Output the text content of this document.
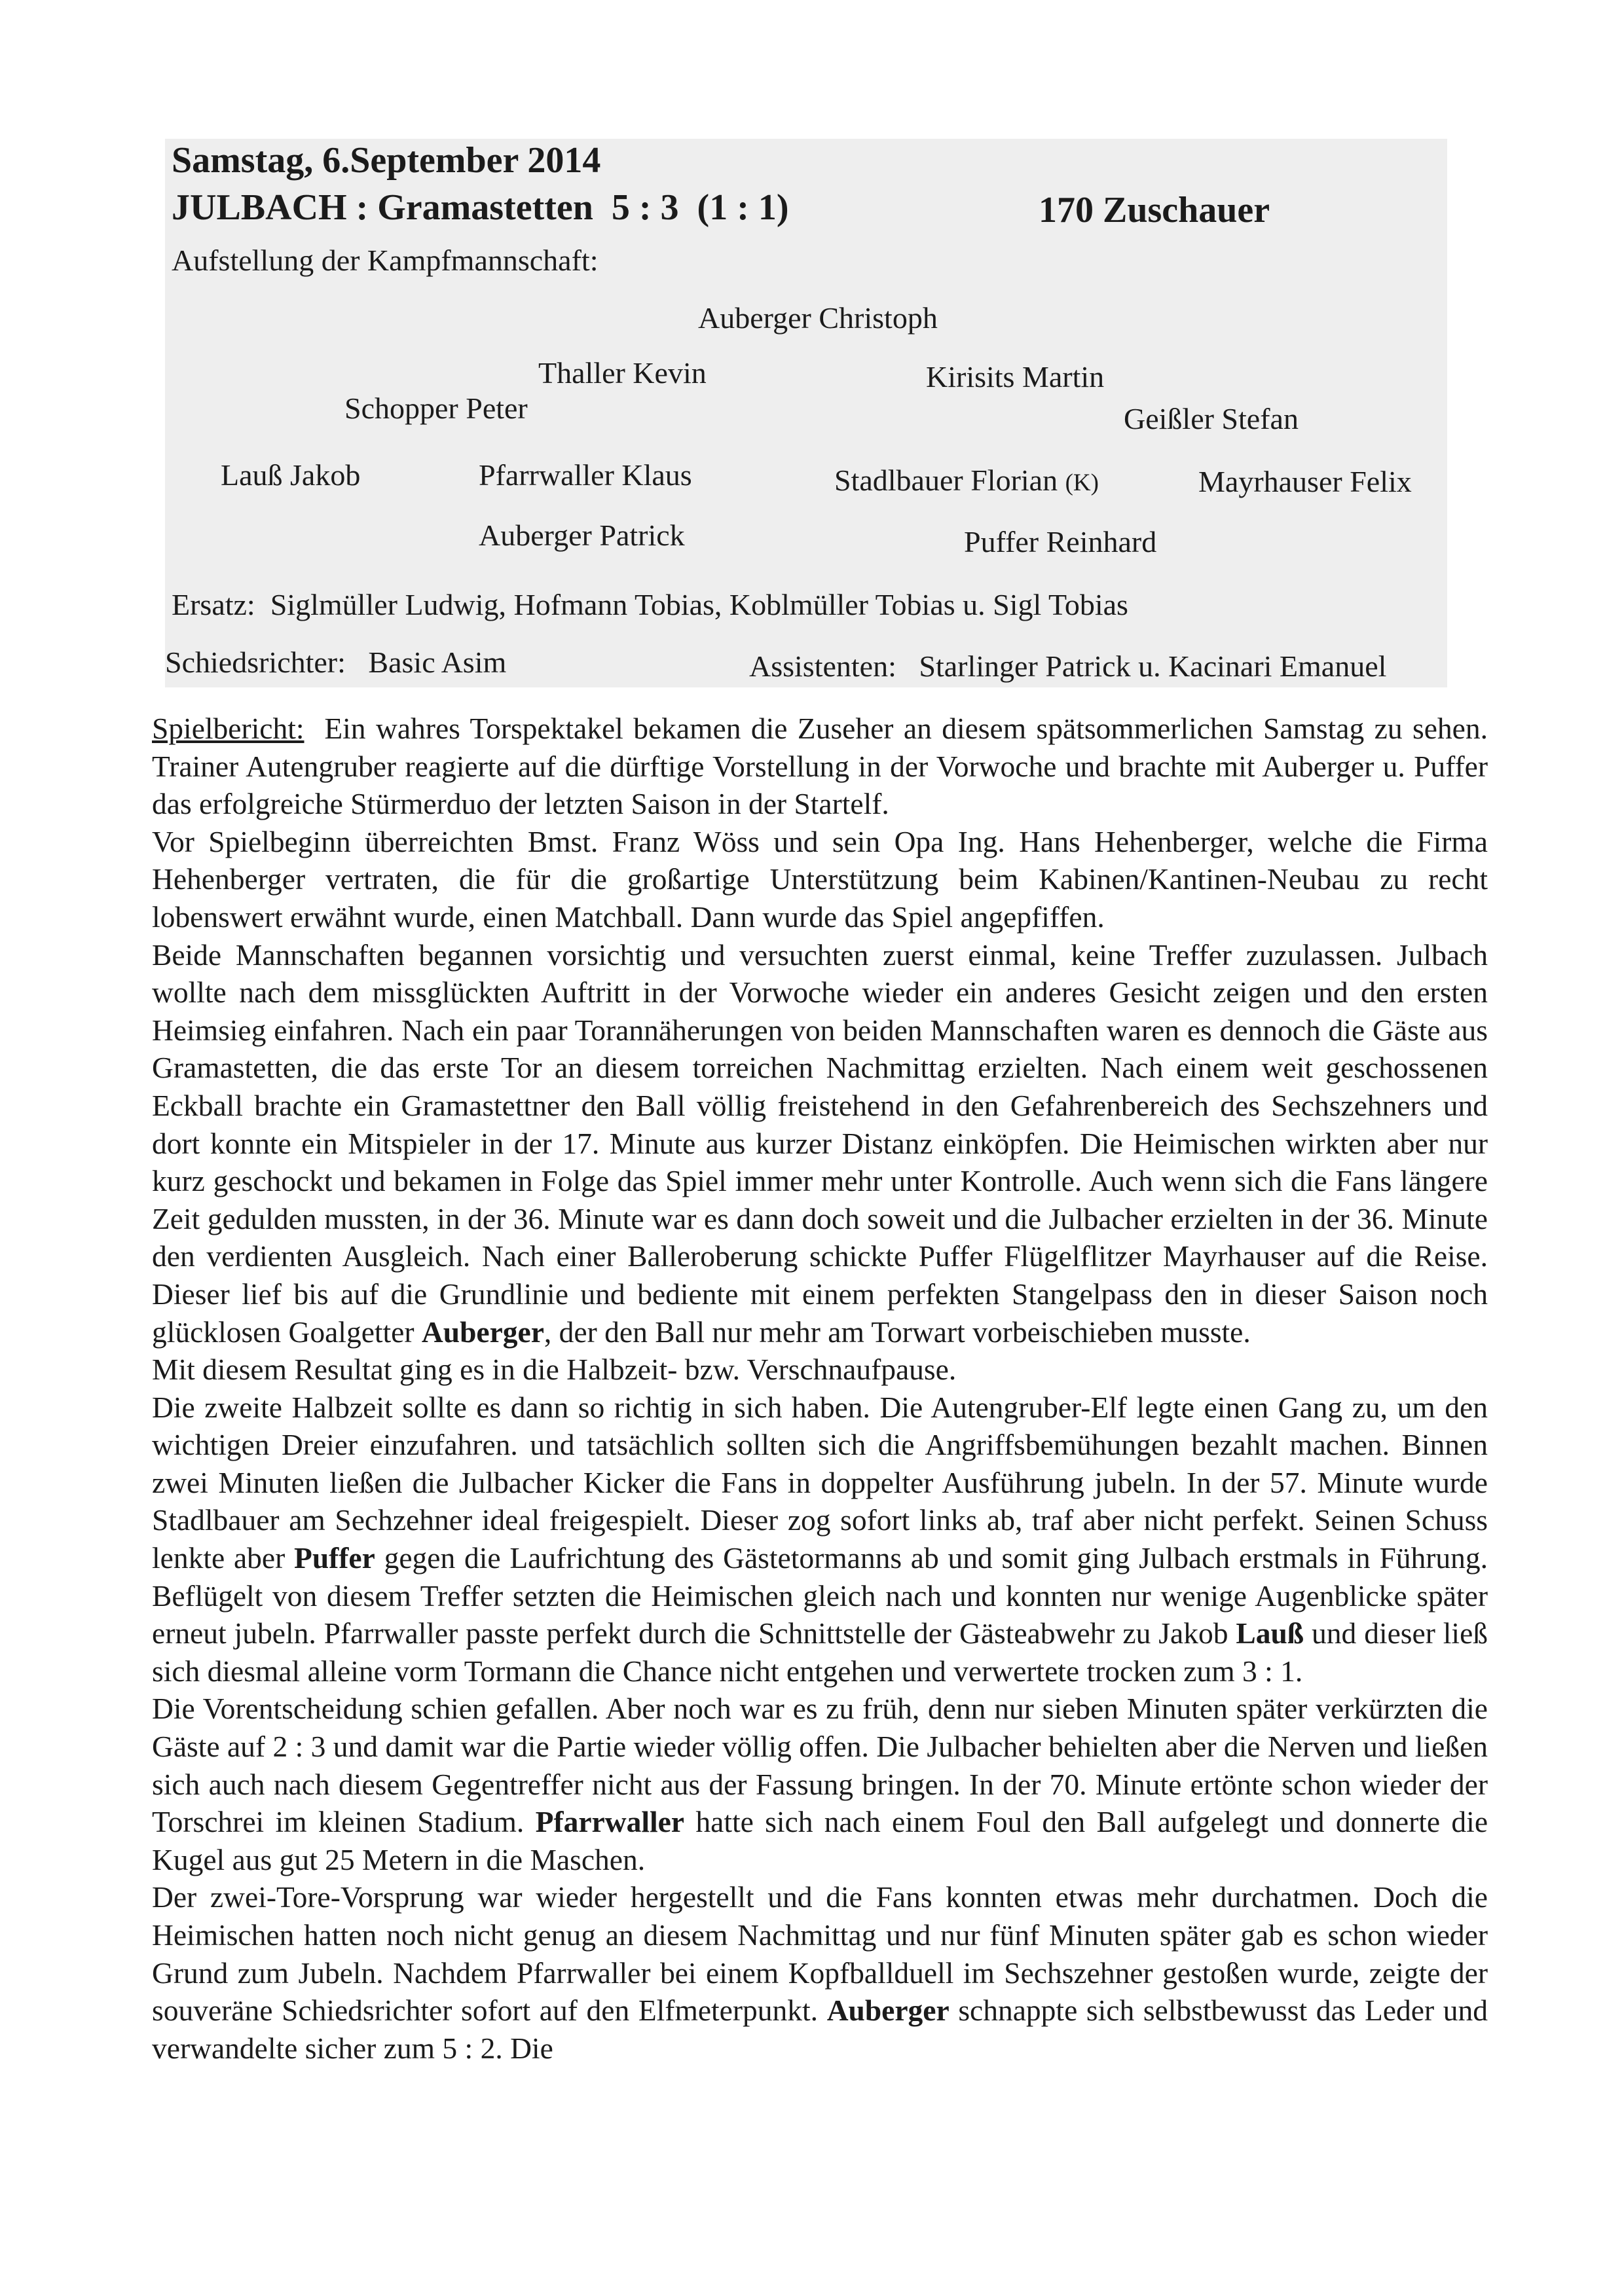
Samstag, 6.September 2014
JULBACH : Gramastetten  5 : 3  (1 : 1)	170 Zuschauer
Aufstellung der Kampfmannschaft:
Auberger Christoph
Thaller Kevin	Kirisits Martin
Schopper Peter	Geißler Stefan
Lauß Jakob	Pfarrwaller Klaus	Stadlbauer Florian (K)	Mayrhauser Felix
Auberger Patrick	Puffer Reinhard
Ersatz: Siglmüller Ludwig, Hofmann Tobias, Koblmüller Tobias u. Sigl Tobias
Schiedsrichter: Basic Asim	Assistenten: Starlinger Patrick u. Kacinari Emanuel

Spielbericht: Ein wahres Torspektakel bekamen die Zuseher an diesem spätsommerlichen Samstag zu sehen. Trainer Autengruber reagierte auf die dürftige Vorstellung in der Vorwoche und brachte mit Auberger u. Puffer das erfolgreiche Stürmerduo der letzten Saison in der Startelf.

Vor Spielbeginn überreichten Bmst. Franz Wöss und sein Opa Ing. Hans Hehenberger, welche die Firma Hehenberger vertraten, die für die großartige Unterstützung beim Kabinen/Kantinen-Neubau zu recht lobenswert erwähnt wurde, einen Matchball. Dann wurde das Spiel angepfiffen.

Beide Mannschaften begannen vorsichtig und versuchten zuerst einmal, keine Treffer zuzulassen. Julbach wollte nach dem missglückten Auftritt in der Vorwoche wieder ein anderes Gesicht zeigen und den ersten Heimsieg einfahren. Nach ein paar Torannäherungen von beiden Mannschaften waren es dennoch die Gäste aus Gramastetten, die das erste Tor an diesem torreichen Nachmittag erzielten. Nach einem weit geschossenen Eckball brachte ein Gramastettner den Ball völlig freistehend in den Gefahrenbereich des Sechszehners und dort konnte ein Mitspieler in der 17. Minute aus kurzer Distanz einköpfen. Die Heimischen wirkten aber nur kurz geschockt und bekamen in Folge das Spiel immer mehr unter Kontrolle. Auch wenn sich die Fans längere Zeit gedulden mussten, in der 36. Minute war es dann doch soweit und die Julbacher erzielten in der 36. Minute den verdienten Ausgleich. Nach einer Balleroberung schickte Puffer Flügelflitzer Mayrhauser auf die Reise. Dieser lief bis auf die Grundlinie und bediente mit einem perfekten Stangelpass den in dieser Saison noch glücklosen Goalgetter Auberger, der den Ball nur mehr am Torwart vorbeischieben musste.

Mit diesem Resultat ging es in die Halbzeit- bzw. Verschnaufpause.

Die zweite Halbzeit sollte es dann so richtig in sich haben. Die Autengruber-Elf legte einen Gang zu, um den wichtigen Dreier einzufahren. und tatsächlich sollten sich die Angriffsbemühungen bezahlt machen. Binnen zwei Minuten ließen die Julbacher Kicker die Fans in doppelter Ausführung jubeln. In der 57. Minute wurde Stadlbauer am Sechzehner ideal freigespielt. Dieser zog sofort links ab, traf aber nicht perfekt. Seinen Schuss lenkte aber Puffer gegen die Laufrichtung des Gästetormanns ab und somit ging Julbach erstmals in Führung. Beflügelt von diesem Treffer setzten die Heimischen gleich nach und konnten nur wenige Augenblicke später erneut jubeln. Pfarrwaller passte perfekt durch die Schnittstelle der Gästeabwehr zu Jakob Lauß und dieser ließ sich diesmal alleine vorm Tormann die Chance nicht entgehen und verwertete trocken zum 3 : 1.

Die Vorentscheidung schien gefallen. Aber noch war es zu früh, denn nur sieben Minuten später verkürzten die Gäste auf 2 : 3 und damit war die Partie wieder völlig offen. Die Julbacher behielten aber die Nerven und ließen sich auch nach diesem Gegentreffer nicht aus der Fassung bringen. In der 70. Minute ertönte schon wieder der Torschrei im kleinen Stadium. Pfarrwaller hatte sich nach einem Foul den Ball aufgelegt und donnerte die Kugel aus gut 25 Metern in die Maschen.

Der zwei-Tore-Vorsprung war wieder hergestellt und die Fans konnten etwas mehr durchatmen. Doch die Heimischen hatten noch nicht genug an diesem Nachmittag und nur fünf Minuten später gab es schon wieder Grund zum Jubeln. Nachdem Pfarrwaller bei einem Kopfballduell im Sechszehner gestoßen wurde, zeigte der souveräne Schiedsrichter sofort auf den Elfmeterpunkt. Auberger schnappte sich selbstbewusst das Leder und verwandelte sicher zum 5 : 2. Die
